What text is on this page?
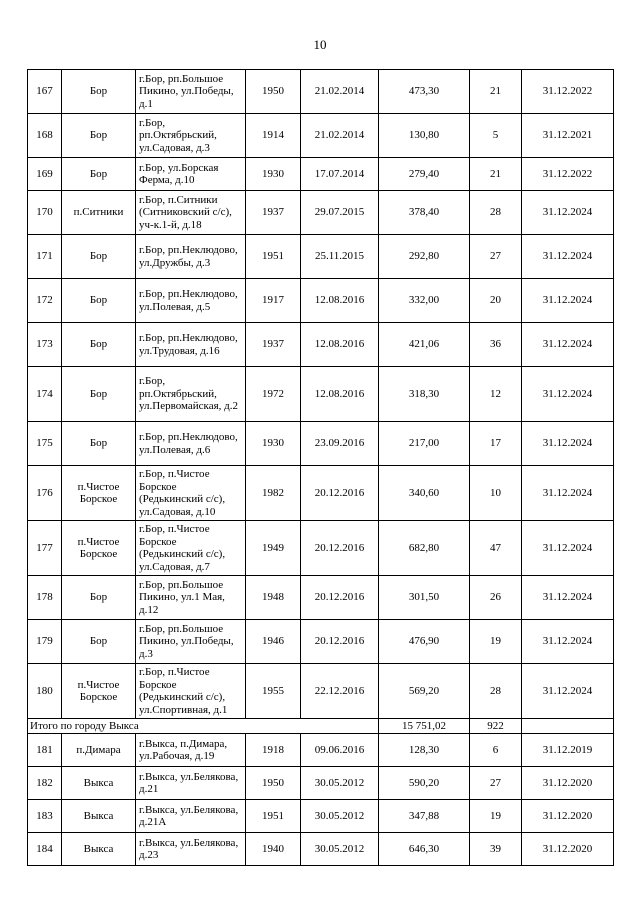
10
167	Бор	г.Бор, рп.Большое Пикино, ул.Победы, д.1	1950	21.02.2014	473,30	21	31.12.2022
168	Бор	г.Бор, рп.Октябрьский, ул.Садовая, д.3	1914	21.02.2014	130,80	5	31.12.2021
169	Бор	г.Бор, ул.Борская Ферма, д.10	1930	17.07.2014	279,40	21	31.12.2022
170	п.Ситники	г.Бор, п.Ситники (Ситниковский с/с), уч-к.1-й, д.18	1937	29.07.2015	378,40	28	31.12.2024
171	Бор	г.Бор, рп.Неклюдово, ул.Дружбы, д.3	1951	25.11.2015	292,80	27	31.12.2024
172	Бор	г.Бор, рп.Неклюдово, ул.Полевая, д.5	1917	12.08.2016	332,00	20	31.12.2024
173	Бор	г.Бор, рп.Неклюдово, ул.Трудовая, д.16	1937	12.08.2016	421,06	36	31.12.2024
174	Бор	г.Бор, рп.Октябрьский, ул.Первомайская, д.2	1972	12.08.2016	318,30	12	31.12.2024
175	Бор	г.Бор, рп.Неклюдово, ул.Полевая, д.6	1930	23.09.2016	217,00	17	31.12.2024
176	п.Чистое Борское	г.Бор, п.Чистое Борское (Редькинский с/с), ул.Садовая, д.10	1982	20.12.2016	340,60	10	31.12.2024
177	п.Чистое Борское	г.Бор, п.Чистое Борское (Редькинский с/с), ул.Садовая, д.7	1949	20.12.2016	682,80	47	31.12.2024
178	Бор	г.Бор, рп.Большое Пикино, ул.1 Мая, д.12	1948	20.12.2016	301,50	26	31.12.2024
179	Бор	г.Бор, рп.Большое Пикино, ул.Победы, д.3	1946	20.12.2016	476,90	19	31.12.2024
180	п.Чистое Борское	г.Бор, п.Чистое Борское (Редькинский с/с), ул.Спортивная, д.1	1955	22.12.2016	569,20	28	31.12.2024
Итого по городу Выкса					15 751,02	922	
181	п.Димара	г.Выкса, п.Димара, ул.Рабочая, д.19	1918	09.06.2016	128,30	6	31.12.2019
182	Выкса	г.Выкса, ул.Белякова, д.21	1950	30.05.2012	590,20	27	31.12.2020
183	Выкса	г.Выкса, ул.Белякова, д.21А	1951	30.05.2012	347,88	19	31.12.2020
184	Выкса	г.Выкса, ул.Белякова, д.23	1940	30.05.2012	646,30	39	31.12.2020
